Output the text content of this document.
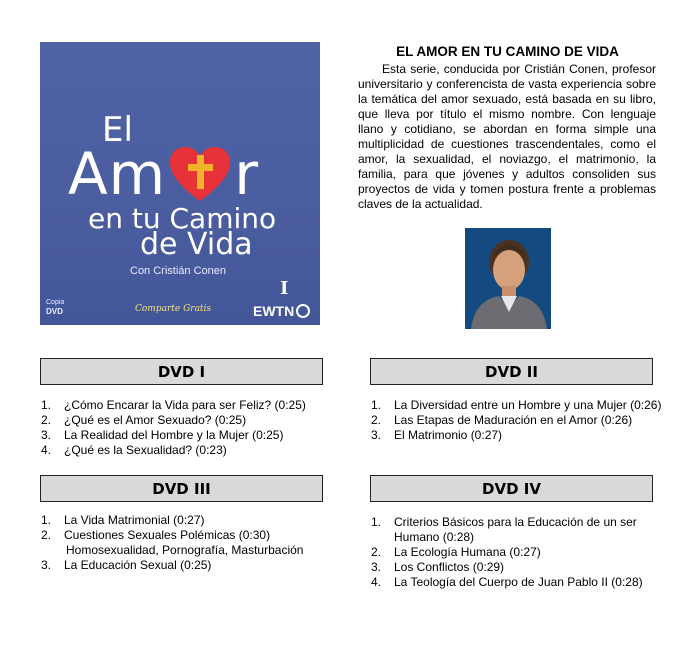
El
Am r
en tu Camino
de Vida
Con Cristián Conen
Copia
DVD	Comparte Gratis
I
EWTN
EL AMOR EN TU CAMINO DE VIDA

Esta serie, conducida por Cristián Conen, profesor universitario y conferencista de vasta experiencia sobre la temática del amor sexuado, está basada en su libro, que lleva por título el mismo nombre. Con lenguaje llano y cotidiano, se abordan en forma simple una multiplicidad de cuestiones trascendentales, como el amor, la sexualidad, el noviazgo, el matrimonio, la familia, para que jóvenes y adultos consoliden sus proyectos de vida y tomen postura frente a problemas claves de la actualidad.

DVD I
1.	¿Cómo Encarar la Vida para ser Feliz? (0:25)
2.	¿Qué es el Amor Sexuado? (0:25)
3.	La Realidad del Hombre y la Mujer (0:25)
4.	¿Qué es la Sexualidad? (0:23)
DVD II
1.	La Diversidad entre un Hombre y una Mujer (0:26)
2.	Las Etapas de Maduración en el Amor (0:26)
3.	El Matrimonio (0:27)
DVD III
1.	La Vida Matrimonial (0:27)
2.	Cuestiones Sexuales Polémicas (0:30)
Homosexualidad, Pornografía, Masturbación
3.	La Educación Sexual (0:25)
DVD IV
1.	Criterios Básicos para la Educación de un ser Humano (0:28)
2.	La Ecología Humana (0:27)
3.	Los Conflictos (0:29)
4.	La Teología del Cuerpo de Juan Pablo II (0:28)
